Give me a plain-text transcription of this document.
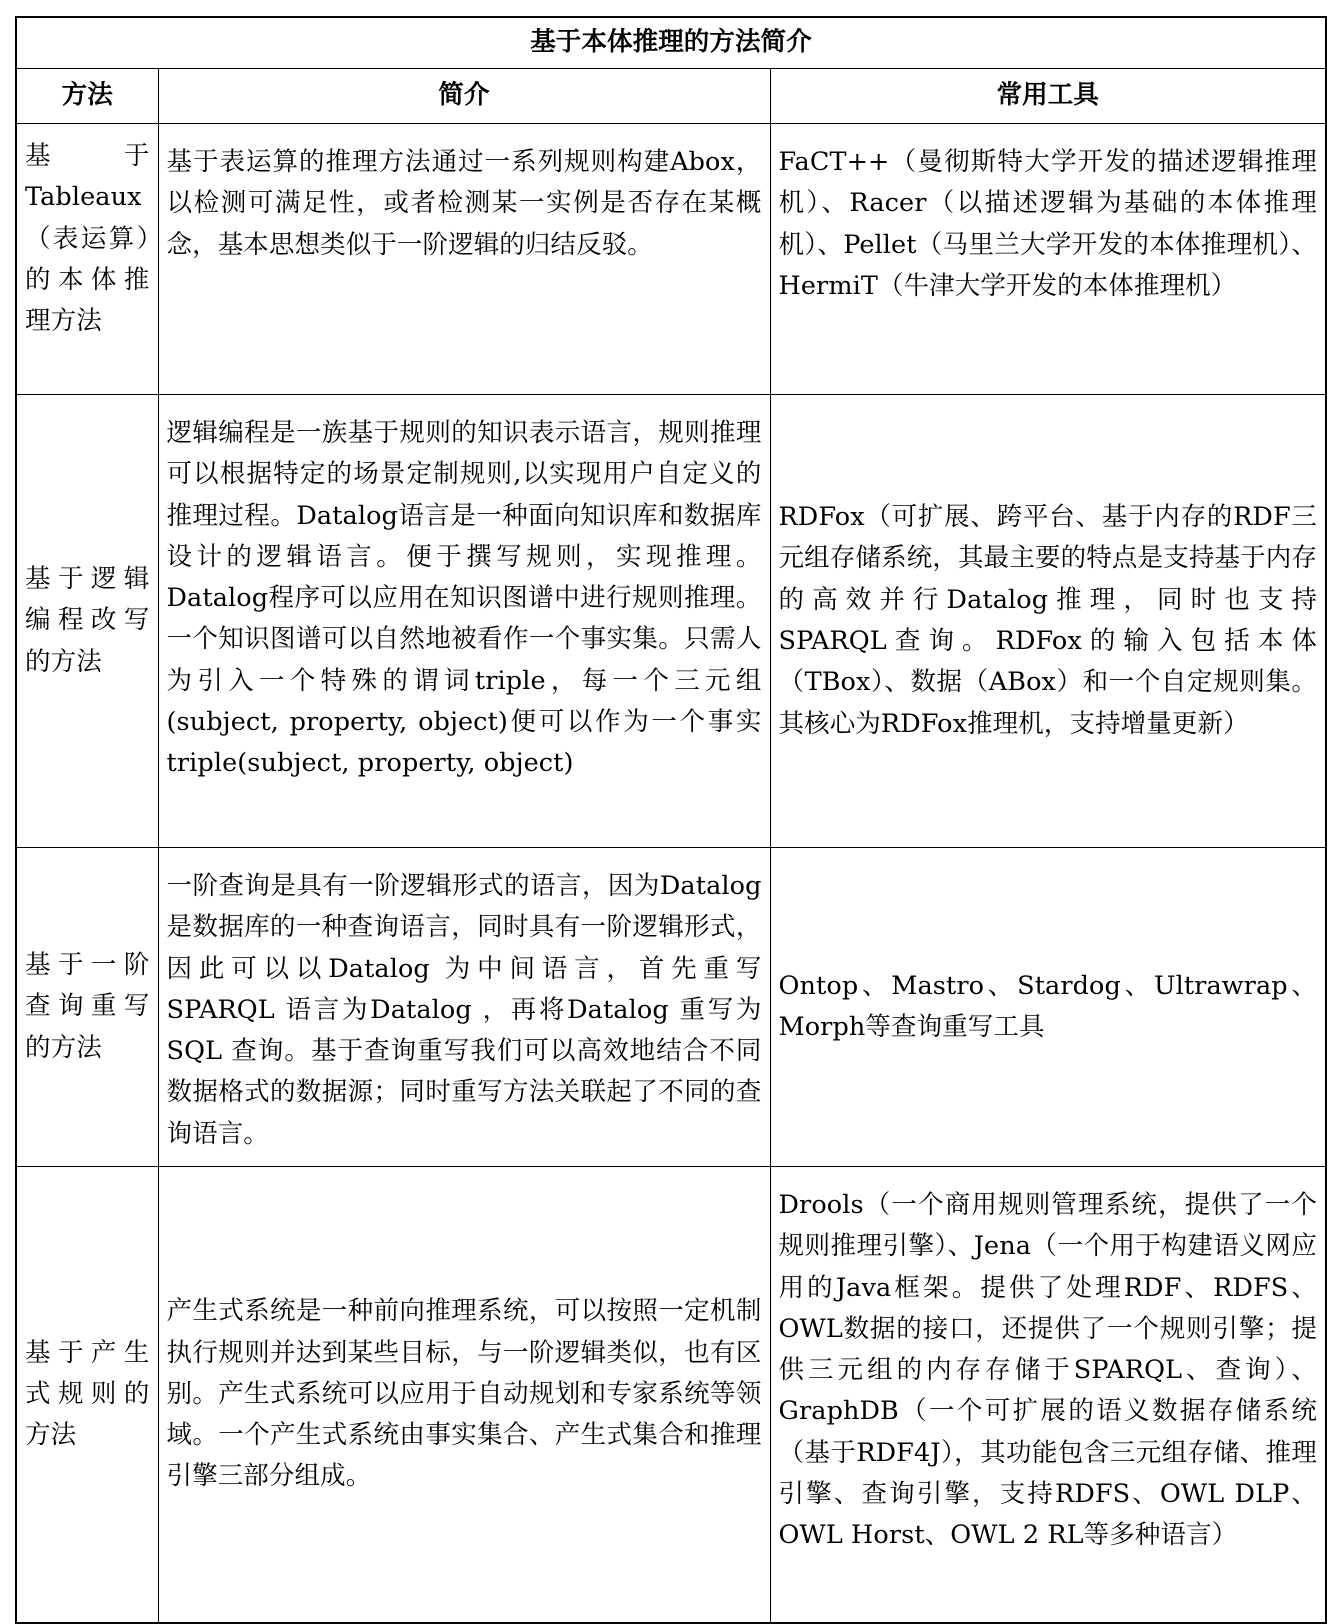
基于本体推理的方法简介		
方法	简介	常用工具
基于Tableaux（表运算）的本体推理方法	基于表运算的推理方法通过一系列规则构建Abox，以检测可满足性，或者检测某一实例是否存在某概念，基本思想类似于一阶逻辑的归结反驳。	FaCT++（曼彻斯特大学开发的描述逻辑推理机）、Racer（以描述逻辑为基础的本体推理机）、Pellet（马里兰大学开发的本体推理机）、HermiT（牛津大学开发的本体推理机）
基于逻辑编程改写的方法	逻辑编程是一族基于规则的知识表示语言，规则推理可以根据特定的场景定制规则,以实现用户自定义的推理过程。Datalog语言是一种面向知识库和数据库设计的逻辑语言。便于撰写规则，实现推理。Datalog程序可以应用在知识图谱中进行规则推理。一个知识图谱可以自然地被看作一个事实集。只需人为引入一个特殊的谓词triple，每一个三元组(subject, property, object)便可以作为一个事实triple(subject, property, object)	RDFox（可扩展、跨平台、基于内存的RDF三元组存储系统，其最主要的特点是支持基于内存的高效并行Datalog推理，同时也支持SPARQL查询。RDFox的输入包括本体（TBox）、数据（ABox）和一个自定规则集。其核心为RDFox推理机，支持增量更新）
基于一阶查询重写的方法	一阶查询是具有一阶逻辑形式的语言，因为Datalog是数据库的一种查询语言，同时具有一阶逻辑形式，因此可以以Datalog 为中间语言，首先重写SPARQL 语言为Datalog ，再将Datalog 重写为SQL 查询。基于查询重写我们可以高效地结合不同数据格式的数据源；同时重写方法关联起了不同的查询语言。	Ontop、Mastro、Stardog、Ultrawrap、Morph等查询重写工具
基于产生式规则的方法	产生式系统是一种前向推理系统，可以按照一定机制执行规则并达到某些目标，与一阶逻辑类似，也有区别。产生式系统可以应用于自动规划和专家系统等领域。一个产生式系统由事实集合、产生式集合和推理引擎三部分组成。	Drools（一个商用规则管理系统，提供了一个规则推理引擎）、Jena（一个用于构建语义网应用的Java框架。提供了处理RDF、RDFS、OWL数据的接口，还提供了一个规则引擎；提供三元组的内存存储于SPARQL、查询）、GraphDB（一个可扩展的语义数据存储系统（基于RDF4J），其功能包含三元组存储、推理引擎、查询引擎，支持RDFS、OWL DLP、OWL Horst、OWL 2 RL等多种语言）
